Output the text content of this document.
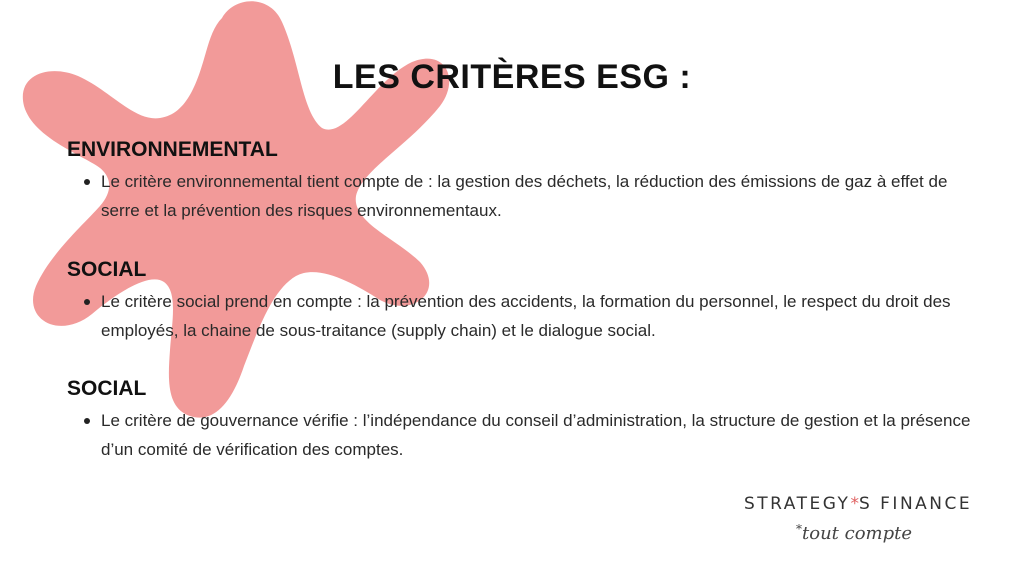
LES CRITÈRES ESG :
ENVIRONNEMENTAL
Le critère environnemental tient compte de : la gestion des déchets, la réduction des émissions de gaz à effet de serre et la prévention des risques environnementaux.
SOCIAL
Le critère social prend en compte : la prévention des accidents, la formation du personnel, le respect du droit des employés, la chaine de sous-traitance (supply chain) et le dialogue social.
SOCIAL
Le critère de gouvernance vérifie : l’indépendance du conseil d’administration, la structure de gestion et la présence d’un comité de vérification des comptes.
STRATEGY*S FINANCE
*tout compte
